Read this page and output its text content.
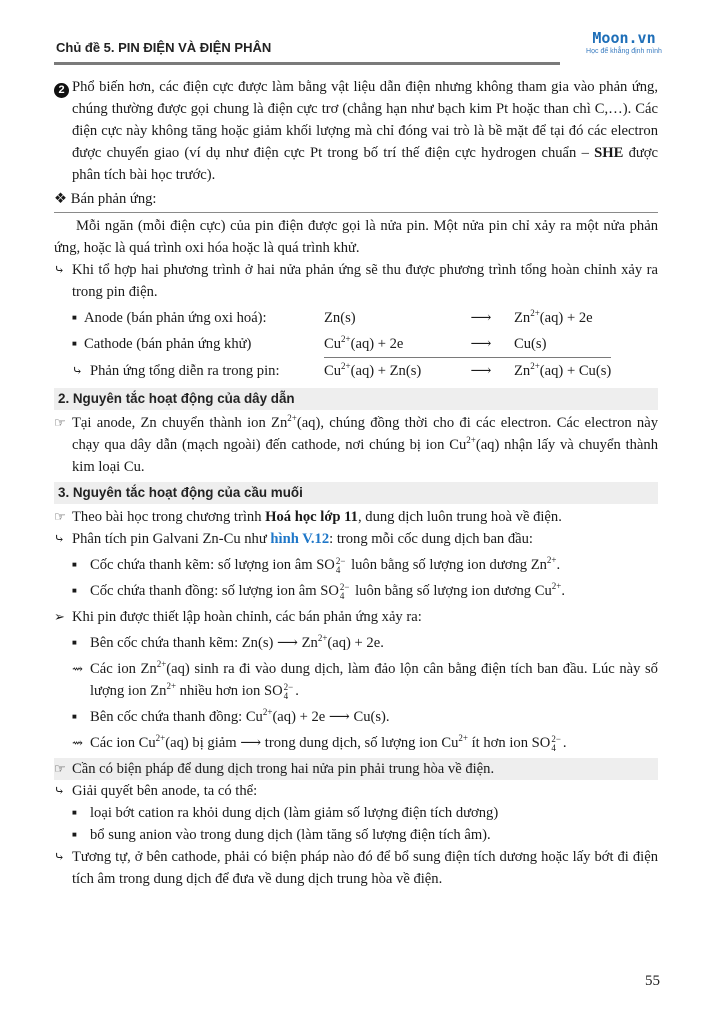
Chủ đề 5. PIN ĐIỆN VÀ ĐIỆN PHÂN
Moon.vn
Học để khẳng định mình
2 Phổ biến hơn, các điện cực được làm bằng vật liệu dẫn điện nhưng không tham gia vào phản ứng, chúng thường được gọi chung là điện cực trơ (chẳng hạn như bạch kim Pt hoặc than chì C,…). Các điện cực này không tăng hoặc giảm khối lượng mà chỉ đóng vai trò là bề mặt để tại đó các electron được chuyển giao (ví dụ như điện cực Pt trong bố trí thế điện cực hydrogen chuẩn – SHE được phân tích bài học trước).
❖ Bán phản ứng:

Mỗi ngăn (mỗi điện cực) của pin điện được gọi là nửa pin. Một nửa pin chỉ xảy ra một nửa phản ứng, hoặc là quá trình oxi hóa hoặc là quá trình khử.

⤷ Khi tổ hợp hai phương trình ở hai nửa phản ứng sẽ thu được phương trình tổng hoàn chỉnh xảy ra trong pin điện.
■ Anode (bán phản ứng oxi hoá):	Zn(s)	⟶	$Zn^{2+}(aq) + 2e$

■ Cathode (bán phản ứng khử)	$Cu^{2+}(aq) + 2e$	⟶	Cu(s)

⤷ Phản ứng tổng diễn ra trong pin:	$Cu^{2+}(aq) + Zn(s)$	⟶	$Zn^{2+}(aq) + Cu(s)$
2. Nguyên tắc hoạt động của dây dẫn
☞ Tại anode, Zn chuyển thành ion $Zn^{2+}(aq)$, chúng đồng thời cho đi các electron. Các electron này chạy qua dây dẫn (mạch ngoài) đến cathode, nơi chúng bị ion $Cu^{2+}(aq)$ nhận lấy và chuyển thành kim loại Cu.
3. Nguyên tắc hoạt động của cầu muối
☞ Theo bài học trong chương trình Hoá học lớp 11, dung dịch luôn trung hoà về điện.
⤷ Phân tích pin Galvani Zn-Cu như hình V.12: trong mỗi cốc dung dịch ban đầu:
■ Cốc chứa thanh kẽm: số lượng ion âm SO 2−
4 luôn bằng số lượng ion dương $Zn^{2+}$.
■ Cốc chứa thanh đồng: số lượng ion âm SO 2−
4 luôn bằng số lượng ion dương $Cu^{2+}$.
➢ Khi pin được thiết lập hoàn chỉnh, các bán phản ứng xảy ra:
■ Bên cốc chứa thanh kẽm: Zn(s) ⟶ $Zn^{2+}(aq) + 2e$.
⇝ Các ion $Zn^{2+}(aq)$ sinh ra đi vào dung dịch, làm đảo lộn cân bằng điện tích ban đầu. Lúc này số lượng ion $Zn^{2+}$ nhiều hơn ion SO 2−
4 .
■ Bên cốc chứa thanh đồng: $Cu^{2+}(aq) + 2e$ ⟶ Cu(s).
⇝ Các ion $Cu^{2+}(aq)$ bị giảm ⟶ trong dung dịch, số lượng ion $Cu^{2+}$ ít hơn ion SO 2−
4 .
☞ Cần có biện pháp để dung dịch trong hai nửa pin phải trung hòa về điện.
⤷ Giải quyết bên anode, ta có thể:
■ loại bớt cation ra khỏi dung dịch (làm giảm số lượng điện tích dương)
■ bổ sung anion vào trong dung dịch (làm tăng số lượng điện tích âm).
⤷ Tương tự, ở bên cathode, phải có biện pháp nào đó để bổ sung điện tích dương hoặc lấy bớt đi điện tích âm trong dung dịch để đưa về dung dịch trung hòa về điện.
55
